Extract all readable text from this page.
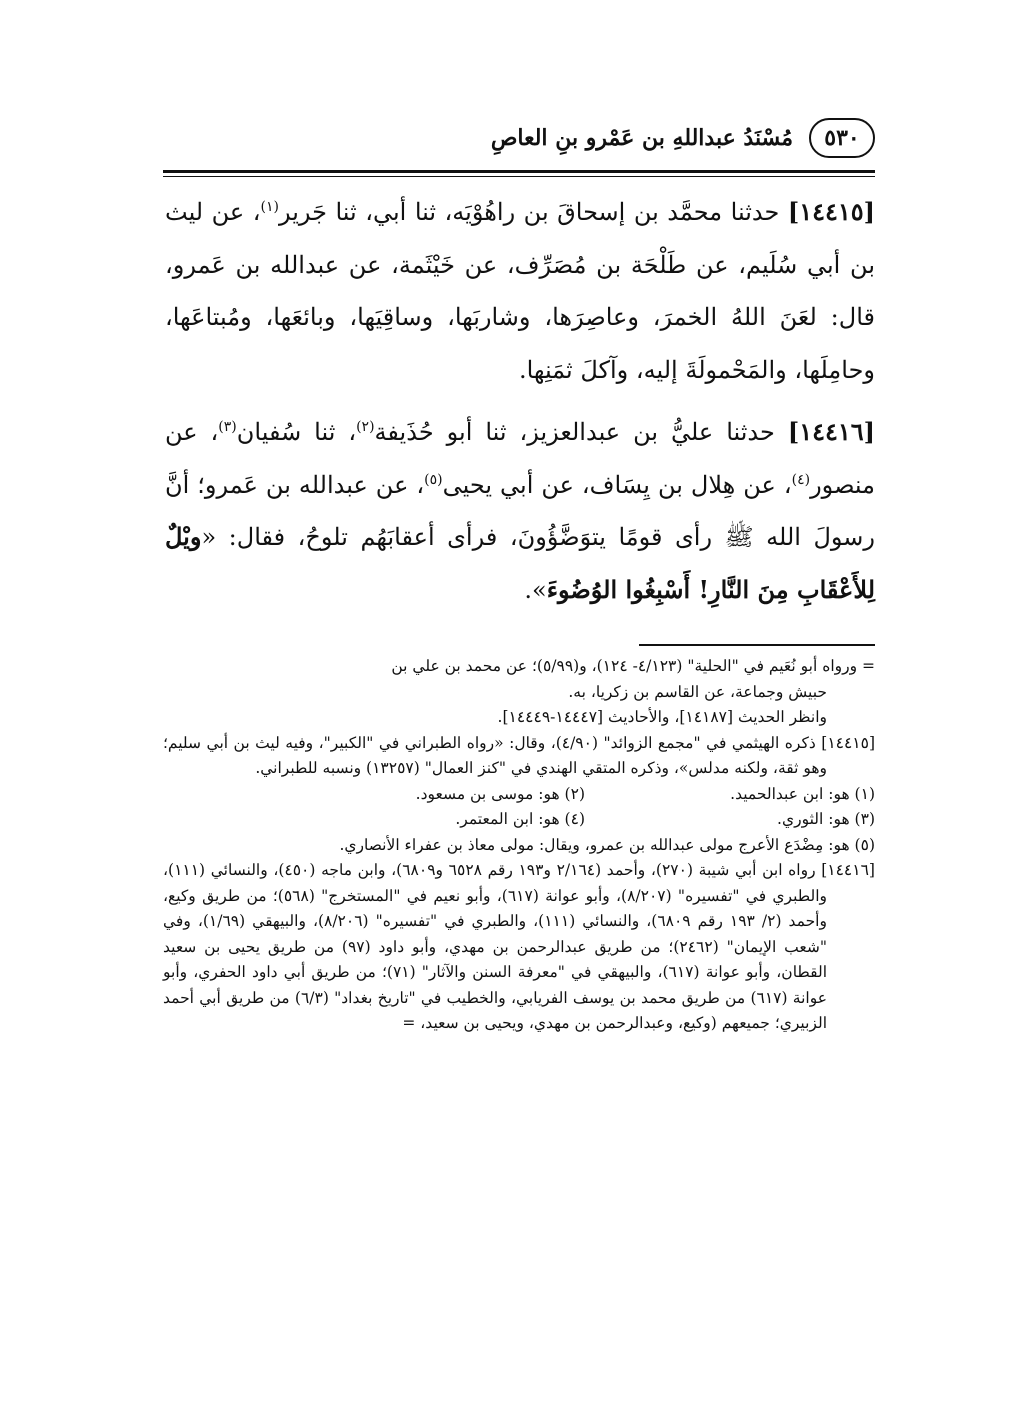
٥٣٠
مُسْنَدُ عبداللهِ بن عَمْرو بنِ العاصِ

[١٤٤١٥] حدثنا محمَّد بن إسحاقَ بن راهُوْيَه، ثنا أبي، ثنا جَرير$^{(١)}$، عن ليث بن أبي سُلَيم، عن طَلْحَة بن مُصَرِّف، عن خَيْثَمة، عن عبدالله بن عَمرو، قال: لعَنَ اللهُ الخمرَ، وعاصِرَها، وشاربَها، وساقِيَها، وبائعَها، ومُبتاعَها، وحامِلَها، والمَحْمولَةَ إليه، وآكلَ ثمَنِها.

[١٤٤١٦] حدثنا عليُّ بن عبدالعزيز، ثنا أبو حُذَيفة$^{(٢)}$، ثنا سُفيان$^{(٣)}$، عن منصور$^{(٤)}$، عن هِلال بن يِسَاف، عن أبي يحيى$^{(٥)}$، عن عبدالله بن عَمرو؛ أنَّ رسولَ الله ﷺ رأى قومًا يتوَضَّؤُونَ، فرأى أعقابَهُم تلوحُ، فقال: «ويْلٌ لِلأَعْقَابِ مِنَ النَّارِ! أَسْبِغُوا الوُضُوءَ».

= ورواه أبو نُعَيم في "الحلية" (٤/١٢٣- ١٢٤)، و(٥/٩٩)؛ عن محمد بن علي بن

حبيش وجماعة، عن القاسم بن زكريا، به.

وانظر الحديث [١٤١٨٧]، والأحاديث [١٤٤٤٧-١٤٤٤٩].

[١٤٤١٥] ذكره الهيثمي في "مجمع الزوائد" (٤/٩٠)، وقال: «رواه الطبراني في "الكبير"، وفيه ليث بن أبي سليم؛ وهو ثقة، ولكنه مدلس»، وذكره المتقي الهندي في "كنز العمال" (١٣٢٥٧) ونسبه للطبراني.

(١) هو: ابن عبدالحميد.
(٢) هو: موسى بن مسعود.
(٣) هو: الثوري.
(٤) هو: ابن المعتمر.

(٥) هو: مِضْدَع الأعرج مولى عبدالله بن عمرو، ويقال: مولى معاذ بن عفراء الأنصاري.

[١٤٤١٦] رواه ابن أبي شيبة (٢٧٠)، وأحمد (٢/١٦٤ و١٩٣ رقم ٦٥٢٨ و٦٨٠٩)، وابن ماجه (٤٥٠)، والنسائي (١١١)، والطبري في "تفسيره" (٨/٢٠٧)، وأبو عوانة (٦١٧)، وأبو نعيم في "المستخرج" (٥٦٨)؛ من طريق وكيع، وأحمد (٢/ ١٩٣ رقم ٦٨٠٩)، والنسائي (١١١)، والطبري في "تفسيره" (٨/٢٠٦)، والبيهقي (١/٦٩)، وفي "شعب الإيمان" (٢٤٦٢)؛ من طريق عبدالرحمن بن مهدي، وأبو داود (٩٧) من طريق يحيى بن سعيد القطان، وأبو عوانة (٦١٧)، والبيهقي في "معرفة السنن والآثار" (٧١)؛ من طريق أبي داود الحفري، وأبو عوانة (٦١٧) من طريق محمد بن يوسف الفريابي، والخطيب في "تاريخ بغداد" (٦/٣) من طريق أبي أحمد الزبيري؛ جميعهم (وكيع، وعبدالرحمن بن مهدي، ويحيى بن سعيد، =
